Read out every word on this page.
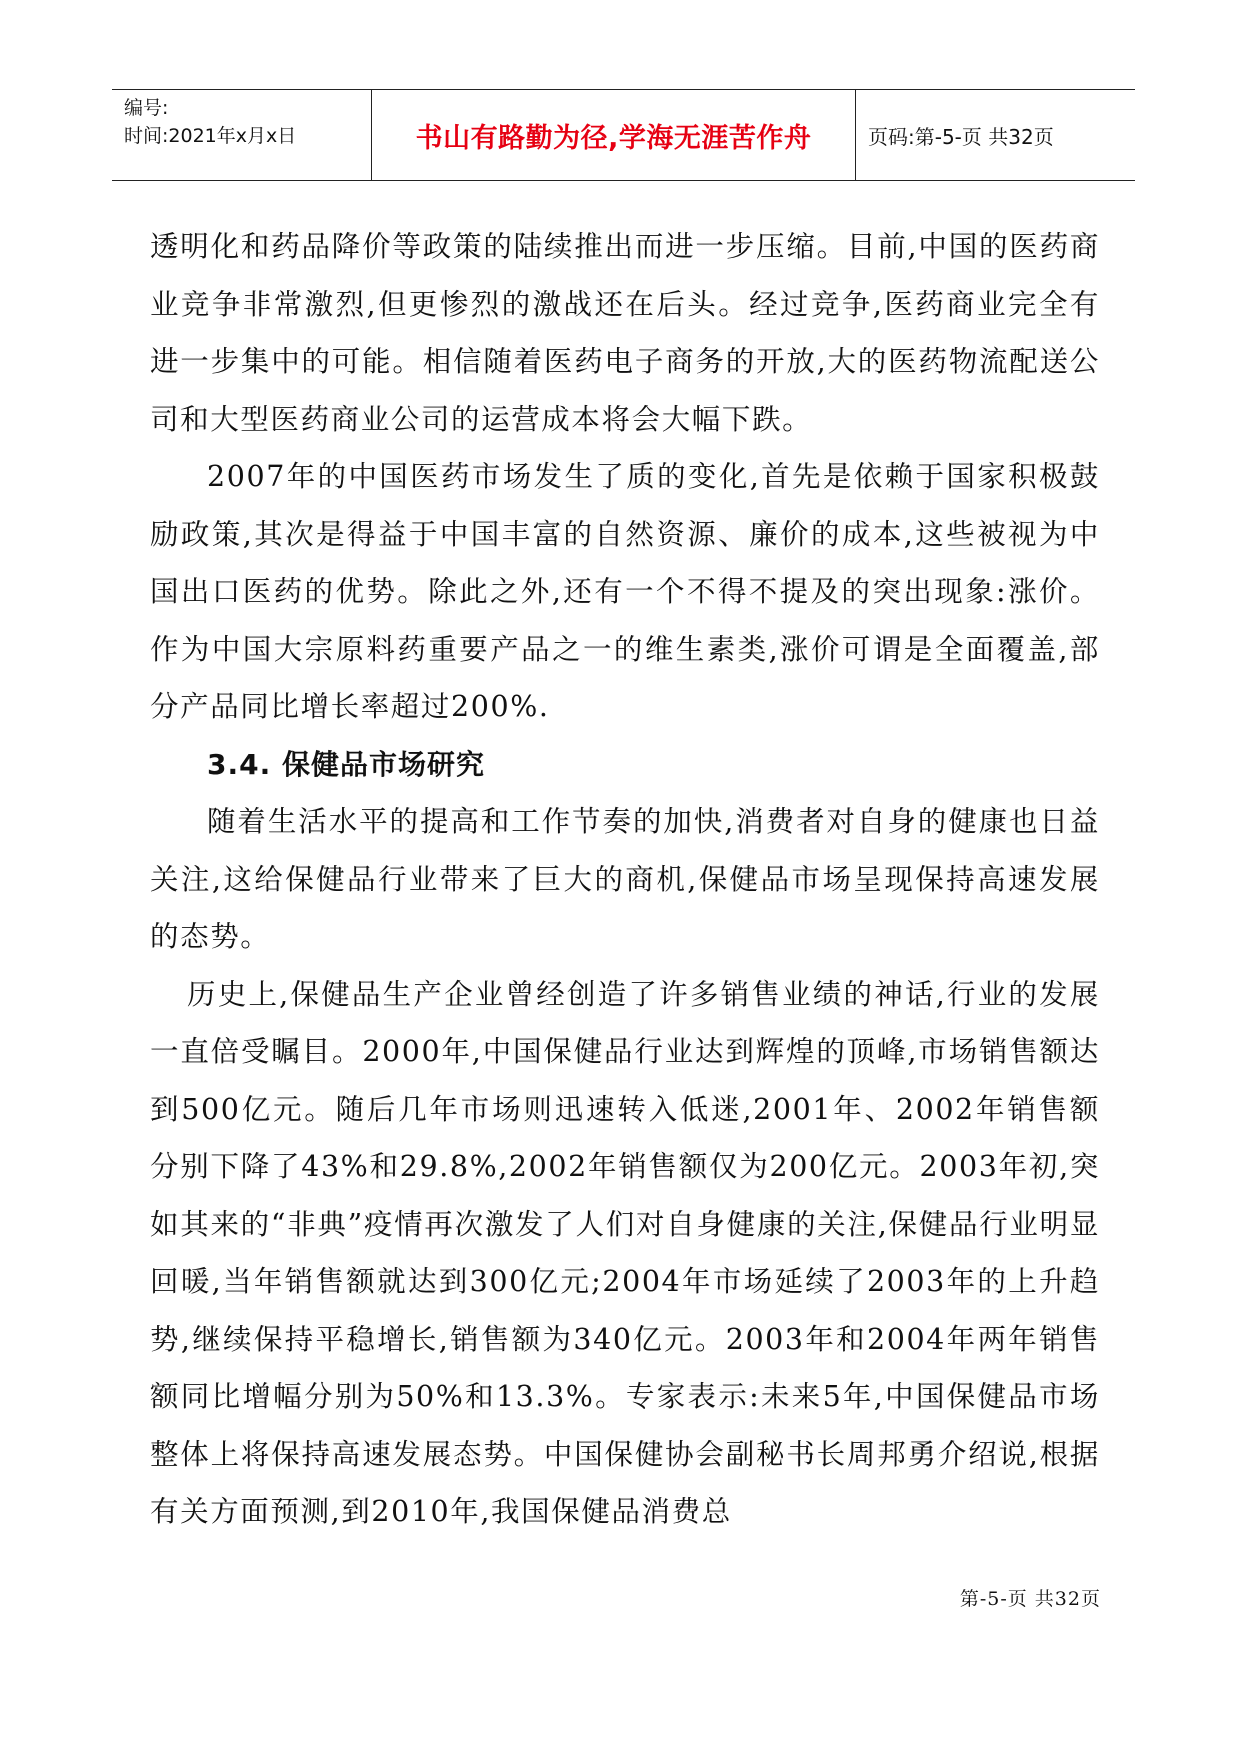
编号:
时间:2021年x月x日	书山有路勤为径,学海无涯苦作舟	页码:第-5-页 共32页

透明化和药品降价等政策的陆续推出而进一步压缩。目前,中国的医药商业竞争非常激烈,但更惨烈的激战还在后头。经过竞争,医药商业完全有进一步集中的可能。相信随着医药电子商务的开放,大的医药物流配送公司和大型医药商业公司的运营成本将会大幅下跌。

2007年的中国医药市场发生了质的变化,首先是依赖于国家积极鼓励政策,其次是得益于中国丰富的自然资源、廉价的成本,这些被视为中国出口医药的优势。除此之外,还有一个不得不提及的突出现象:涨价。作为中国大宗原料药重要产品之一的维生素类,涨价可谓是全面覆盖,部分产品同比增长率超过200%.

3.4. 保健品市场研究

随着生活水平的提高和工作节奏的加快,消费者对自身的健康也日益关注,这给保健品行业带来了巨大的商机,保健品市场呈现保持高速发展的态势。

历史上,保健品生产企业曾经创造了许多销售业绩的神话,行业的发展一直倍受瞩目。2000年,中国保健品行业达到辉煌的顶峰,市场销售额达到500亿元。随后几年市场则迅速转入低迷,2001年、2002年销售额分别下降了43%和29.8%,2002年销售额仅为200亿元。2003年初,突如其来的“非典”疫情再次激发了人们对自身健康的关注,保健品行业明显回暖,当年销售额就达到300亿元;2004年市场延续了2003年的上升趋势,继续保持平稳增长,销售额为340亿元。2003年和2004年两年销售额同比增幅分别为50%和13.3%。专家表示:未来5年,中国保健品市场整体上将保持高速发展态势。中国保健协会副秘书长周邦勇介绍说,根据有关方面预测,到2010年,我国保健品消费总

第-5-页 共32页
